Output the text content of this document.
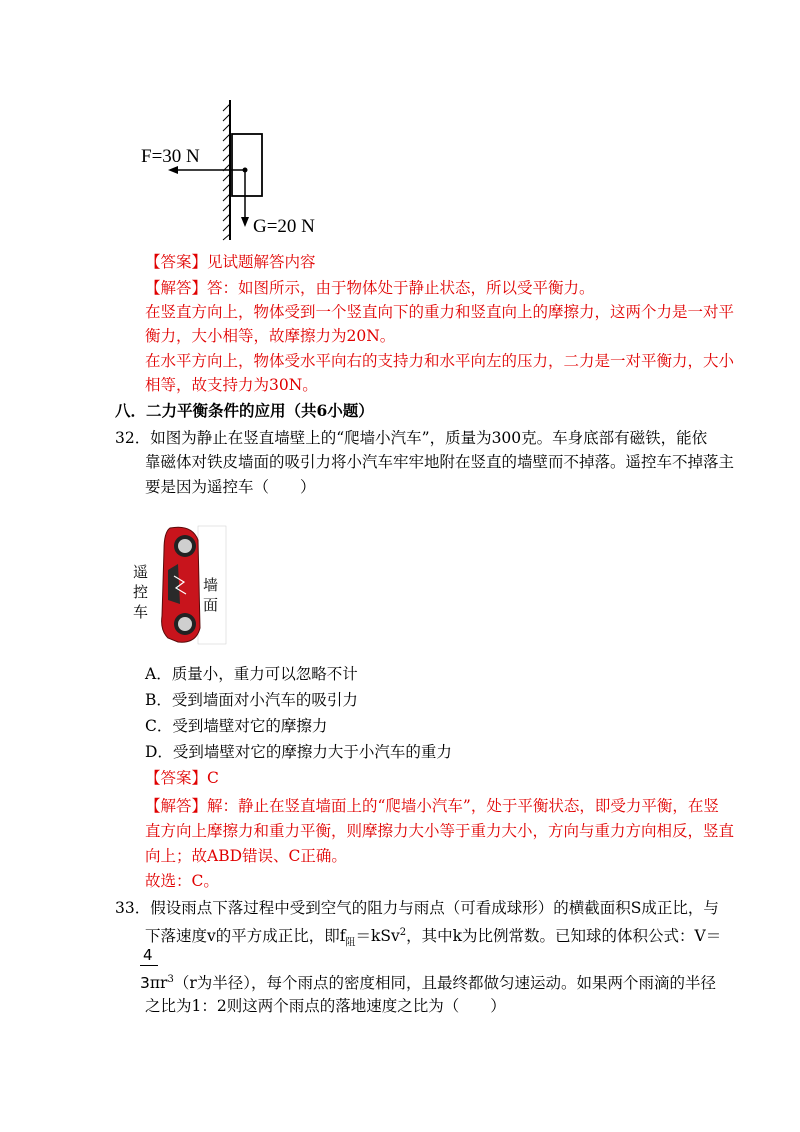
F=30 N
G=20 N
【答案】见试题解答内容
【解答】答：如图所示，由于物体处于静止状态，所以受平衡力。
在竖直方向上，物体受到一个竖直向下的重力和竖直向上的摩擦力，这两个力是一对平
衡力，大小相等，故摩擦力为20N。
在水平方向上，物体受水平向右的支持力和水平向左的压力，二力是一对平衡力，大小
相等，故支持力为30N。
八．二力平衡条件的应用（共6小题）
32．如图为静止在竖直墙壁上的“爬墙小汽车”，质量为300克。车身底部有磁铁，能依
靠磁体对铁皮墙面的吸引力将小汽车牢牢地附在竖直的墙壁而不掉落。遥控车不掉落主
要是因为遥控车（　　）
遥控车
墙面
A．质量小，重力可以忽略不计
B．受到墙面对小汽车的吸引力
C．受到墙壁对它的摩擦力
D．受到墙壁对它的摩擦力大于小汽车的重力
【答案】C
【解答】解：静止在竖直墙面上的“爬墙小汽车”，处于平衡状态，即受力平衡，在竖
直方向上摩擦力和重力平衡，则摩擦力大小等于重力大小，方向与重力方向相反，竖直
向上；故ABD错误、C正确。
故选：C。
33．假设雨点下落过程中受到空气的阻力与雨点（可看成球形）的横截面积S成正比，与
下落速度v的平方成正比，即$f_阻=kSv^2$，其中k为比例常数。已知球的体积公式：V＝
4
$3\pi r^3(r$为半径），每个雨点的密度相同，且最终都做匀速运动。如果两个雨滴的半径
之比为1：2则这两个雨点的落地速度之比为（　　）
